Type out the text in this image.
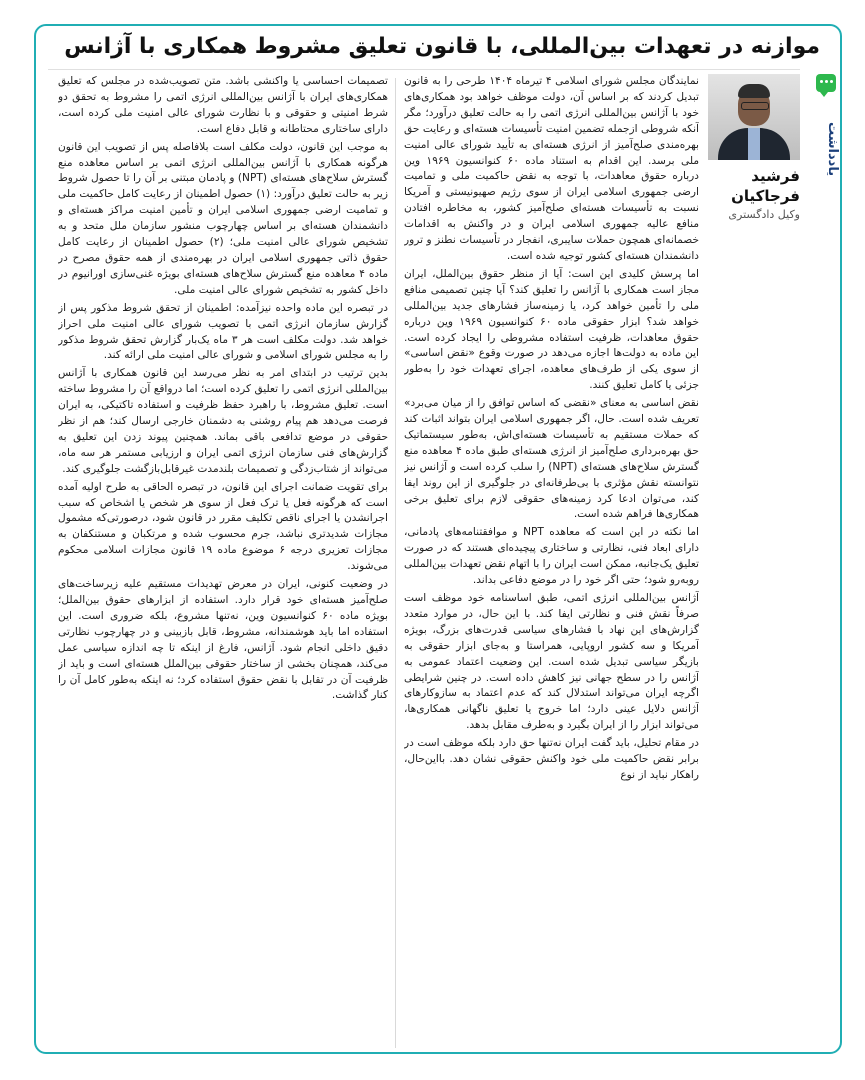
موازنه در تعهدات بین‌المللی، با قانون تعلیق مشروط همکاری با آژانس
یادداشت
فرشید
فرجاکیان
وکیل دادگستری

نمایندگان مجلس شورای اسلامی ۴ تیرماه ۱۴۰۴ طرحی را به قانون تبدیل کردند که بر اساس آن، دولت موظف خواهد بود همکاری‌های خود با آژانس بین‌المللی انرژی اتمی را به حالت تعلیق درآورد؛ مگر آنکه شروطی ازجمله تضمین امنیت تأسیسات هسته‌ای و رعایت حق بهره‌مندی صلح‌آمیز از انرژی هسته‌ای به تأیید شورای عالی امنیت ملی برسد. این اقدام به استناد ماده ۶۰ کنوانسیون ۱۹۶۹ وین درباره حقوق معاهدات، با توجه به نقض حاکمیت ملی و تمامیت ارضی جمهوری اسلامی ایران از سوی رژیم صهیونیستی و آمریکا نسبت به تأسیسات هسته‌ای صلح‌آمیز کشور، به مخاطره افتادن منافع عالیه جمهوری اسلامی ایران و در واکنش به اقدامات خصمانه‌ای همچون حملات سایبری، انفجار در تأسیسات نطنز و ترور دانشمندان هسته‌ای کشور توجیه شده است.

اما پرسش کلیدی این است: آیا از منظر حقوق بین‌الملل، ایران مجاز است همکاری با آژانس را تعلیق کند؟ آیا چنین تصمیمی منافع ملی را تأمین خواهد کرد، یا زمینه‌ساز فشارهای جدید بین‌المللی خواهد شد؟ ابزار حقوقی ماده ۶۰ کنوانسیون ۱۹۶۹ وین درباره حقوق معاهدات، ظرفیت استفاده مشروطی را ایجاد کرده است. این ماده به دولت‌ها اجازه می‌دهد در صورت وقوع «نقض اساسی» از سوی یکی از طرف‌های معاهده، اجرای تعهدات خود را به‌طور جزئی یا کامل تعلیق کنند.

نقض اساسی به معنای «نقضی که اساس توافق را از میان می‌برد» تعریف شده است. حال، اگر جمهوری اسلامی ایران بتواند اثبات کند که حملات مستقیم به تأسیسات هسته‌ای‌اش، به‌طور سیستماتیک حق بهره‌برداری صلح‌آمیز از انرژی هسته‌ای طبق ماده ۴ معاهده منع گسترش سلاح‌های هسته‌ای (NPT) را سلب کرده است و آژانس نیز نتوانسته نقش مؤثری با بی‌طرفانه‌ای در جلوگیری از این روند ایفا کند، می‌توان ادعا کرد زمینه‌های حقوقی لازم برای تعلیق برخی همکاری‌ها فراهم شده است.

اما نکته در این است که معاهده NPT و موافقتنامه‌های پادمانی، دارای ابعاد فنی، نظارتی و ساختاری پیچیده‌ای هستند که در صورت تعلیق یک‌جانبه، ممکن است ایران را با اتهام نقض تعهدات بین‌المللی روبه‌رو شود؛ حتی اگر خود را در موضع دفاعی بداند.

آژانس بین‌المللی انرژی اتمی، طبق اساسنامه خود موظف است صرفاً نقش فنی و نظارتی ایفا کند. با این حال، در موارد متعدد گزارش‌های این نهاد با فشارهای سیاسی قدرت‌های بزرگ، بویژه آمریکا و سه کشور اروپایی، همراستا و به‌جای ابزار حقوقی به بازیگر سیاسی تبدیل شده است. این وضعیت اعتماد عمومی به آژانس را در سطح جهانی نیز کاهش داده است. در چنین شرایطی اگرچه ایران می‌تواند استدلال کند که عدم اعتماد به سازوکارهای آژانس دلایل عینی دارد؛ اما خروج یا تعلیق ناگهانی همکاری‌ها، می‌تواند ابزار را از ایران بگیرد و به‌طرف مقابل بدهد.

در مقام تحلیل، باید گفت ایران نه‌تنها حق دارد بلکه موظف است در برابر نقض حاکمیت ملی خود واکنش حقوقی نشان دهد. بااین‌حال، راهکار نباید از نوع

تصمیمات احساسی یا واکنشی باشد. متن تصویب‌شده در مجلس که تعلیق همکاری‌های ایران با آژانس بین‌المللی انرژی اتمی را مشروط به تحقق دو شرط امنیتی و حقوقی و با نظارت شورای عالی امنیت ملی کرده است، دارای ساختاری محتاطانه و قابل دفاع است.

به موجب این قانون، دولت مکلف است بلافاصله پس از تصویب این قانون هرگونه همکاری با آژانس بین‌المللی انرژی اتمی بر اساس معاهده منع گسترش سلاح‌های هسته‌ای (NPT) و پادمان مبتنی بر آن را تا حصول شروط زیر به حالت تعلیق درآورد: (۱) حصول اطمینان از رعایت کامل حاکمیت ملی و تمامیت ارضی جمهوری اسلامی ایران و تأمین امنیت مراکز هسته‌ای و دانشمندان هسته‌ای بر اساس چهارچوب منشور سازمان ملل متحد و به تشخیص شورای عالی امنیت ملی؛ (۲) حصول اطمینان از رعایت کامل حقوق ذاتی جمهوری اسلامی ایران در بهره‌مندی از همه حقوق مصرح در ماده ۴ معاهده منع گسترش سلاح‌های هسته‌ای بویژه غنی‌سازی اورانیوم در داخل کشور به تشخیص شورای عالی امنیت ملی.

در تبصره این ماده واحده نیزآمده: اطمینان از تحقق شروط مذکور پس از گزارش سازمان انرژی اتمی با تصویب شورای عالی امنیت ملی احراز خواهد شد. دولت مکلف است هر ۳ ماه یک‌بار گزارش تحقق شروط مذکور را به مجلس شورای اسلامی و شورای عالی امنیت ملی ارائه کند.

بدین ترتیب در ابتدای امر به نظر می‌رسد این قانون همکاری با آژانس بین‌المللی انرژی اتمی را تعلیق کرده است؛ اما درواقع آن را مشروط ساخته است. تعلیق مشروط، با راهبرد حفظ ظرفیت و استفاده تاکتیکی، به ایران فرصت می‌دهد هم پیام روشنی به دشمنان خارجی ارسال کند؛ هم از نظر حقوقی در موضع تدافعی باقی بماند. همچنین پیوند زدن این تعلیق به گزارش‌های فنی سازمان انرژی اتمی ایران و ارزیابی مستمر هر سه ماه، می‌تواند از شتاب‌زدگی و تصمیمات بلندمدت غیرقابل‌بازگشت جلوگیری کند.

برای تقویت ضمانت اجرای این قانون، در تبصره الحاقی به طرح اولیه آمده است که هرگونه فعل یا ترک فعل از سوی هر شخص یا اشخاص که سبب اجرانشدن یا اجرای ناقص تکلیف مقرر در قانون شود، درصورتی‌که مشمول مجازات شدیدتری نباشد، جرم محسوب شده و مرتکبان و مستنکفان به مجازات تعزیری درجه ۶ موضوع ماده ۱۹ قانون مجازات اسلامی محکوم می‌شوند.

در وضعیت کنونی، ایران در معرض تهدیدات مستقیم علیه زیرساخت‌های صلح‌آمیز هسته‌ای خود قرار دارد. استفاده از ابزارهای حقوق بین‌الملل؛ بویژه ماده ۶۰ کنوانسیون وین، نه‌تنها مشروع، بلکه ضروری است. این استفاده اما باید هوشمندانه، مشروط، قابل بازبینی و در چهارچوب نظارتی دقیق داخلی انجام شود. آژانس، فارغ از اینکه تا چه اندازه سیاسی عمل می‌کند، همچنان بخشی از ساختار حقوقی بین‌الملل هسته‌ای است و باید از ظرفیت آن در تقابل با نقض حقوق استفاده کرد؛ نه اینکه به‌طور کامل آن را کنار گذاشت.
